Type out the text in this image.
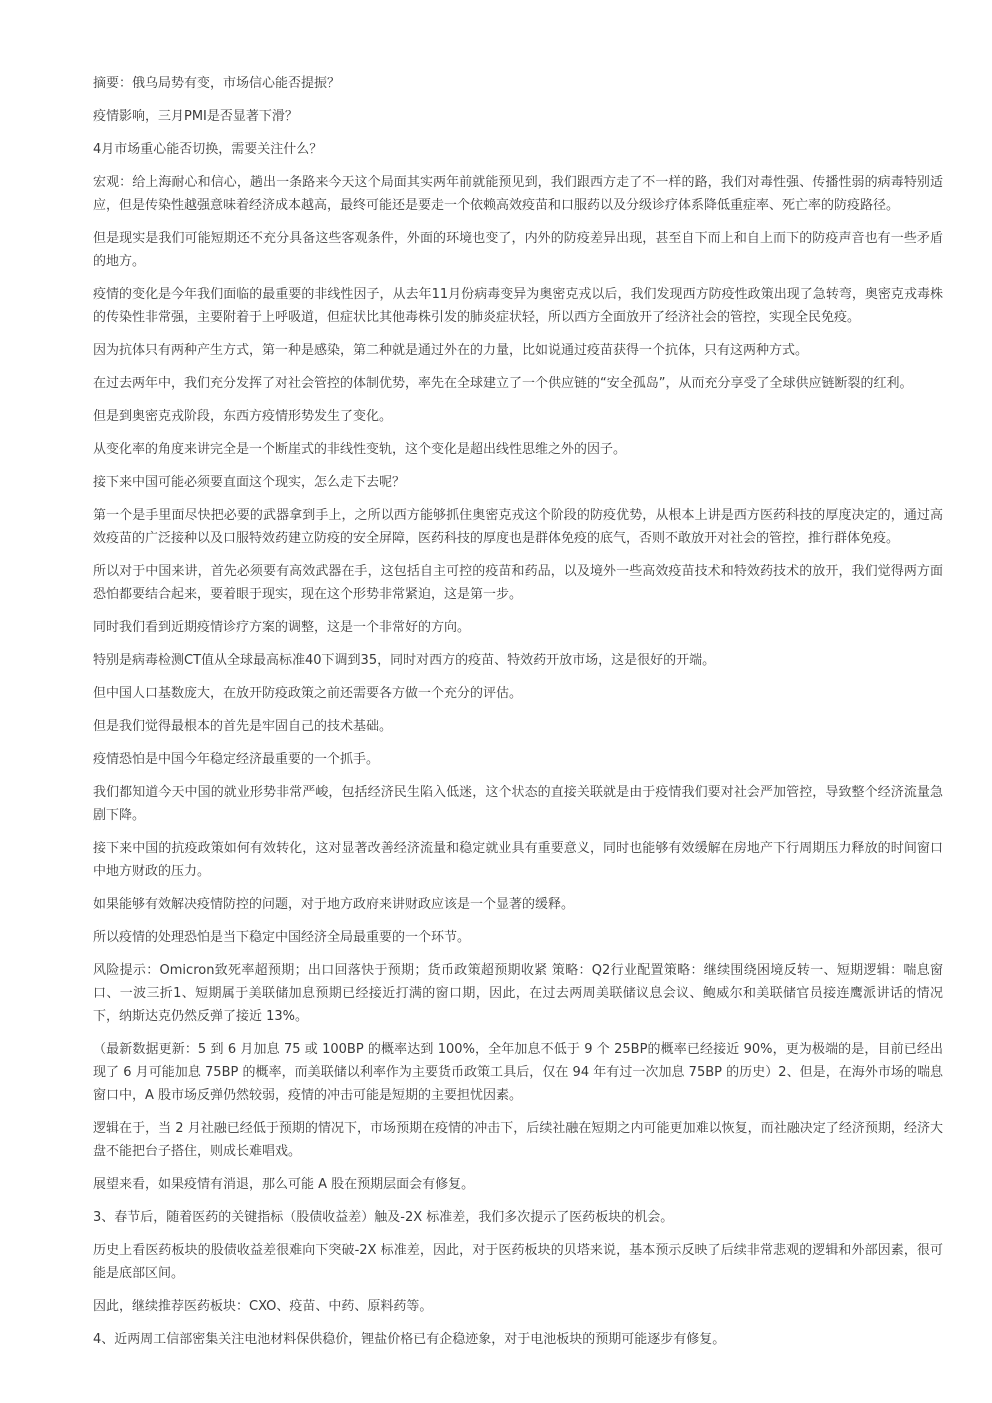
摘要：俄乌局势有变，市场信心能否提振？

疫情影响，三月PMI是否显著下滑？

4月市场重心能否切换，需要关注什么？

宏观：给上海耐心和信心，趟出一条路来今天这个局面其实两年前就能预见到，我们跟西方走了不一样的路，我们对毒性强、传播性弱的病毒特别适应，但是传染性越强意味着经济成本越高，最终可能还是要走一个依赖高效疫苗和口服药以及分级诊疗体系降低重症率、死亡率的防疫路径。

但是现实是我们可能短期还不充分具备这些客观条件，外面的环境也变了，内外的防疫差异出现，甚至自下而上和自上而下的防疫声音也有一些矛盾的地方。

疫情的变化是今年我们面临的最重要的非线性因子，从去年11月份病毒变异为奥密克戎以后，我们发现西方防疫性政策出现了急转弯，奥密克戎毒株的传染性非常强，主要附着于上呼吸道，但症状比其他毒株引发的肺炎症状轻，所以西方全面放开了经济社会的管控，实现全民免疫。

因为抗体只有两种产生方式，第一种是感染，第二种就是通过外在的力量，比如说通过疫苗获得一个抗体，只有这两种方式。

在过去两年中，我们充分发挥了对社会管控的体制优势，率先在全球建立了一个供应链的“安全孤岛”，从而充分享受了全球供应链断裂的红利。

但是到奥密克戎阶段，东西方疫情形势发生了变化。

从变化率的角度来讲完全是一个断崖式的非线性变轨，这个变化是超出线性思维之外的因子。

接下来中国可能必须要直面这个现实，怎么走下去呢？

第一个是手里面尽快把必要的武器拿到手上，之所以西方能够抓住奥密克戎这个阶段的防疫优势，从根本上讲是西方医药科技的厚度决定的，通过高效疫苗的广泛接种以及口服特效药建立防疫的安全屏障，医药科技的厚度也是群体免疫的底气，否则不敢放开对社会的管控，推行群体免疫。

所以对于中国来讲，首先必须要有高效武器在手，这包括自主可控的疫苗和药品，以及境外一些高效疫苗技术和特效药技术的放开，我们觉得两方面恐怕都要结合起来，要着眼于现实，现在这个形势非常紧迫，这是第一步。

同时我们看到近期疫情诊疗方案的调整，这是一个非常好的方向。

特别是病毒检测CT值从全球最高标准40下调到35，同时对西方的疫苗、特效药开放市场，这是很好的开端。

但中国人口基数庞大，在放开防疫政策之前还需要各方做一个充分的评估。

但是我们觉得最根本的首先是牢固自己的技术基础。

疫情恐怕是中国今年稳定经济最重要的一个抓手。

我们都知道今天中国的就业形势非常严峻，包括经济民生陷入低迷，这个状态的直接关联就是由于疫情我们要对社会严加管控，导致整个经济流量急剧下降。

接下来中国的抗疫政策如何有效转化，这对显著改善经济流量和稳定就业具有重要意义，同时也能够有效缓解在房地产下行周期压力释放的时间窗口中地方财政的压力。

如果能够有效解决疫情防控的问题，对于地方政府来讲财政应该是一个显著的缓释。

所以疫情的处理恐怕是当下稳定中国经济全局最重要的一个环节。

风险提示：Omicron致死率超预期；出口回落快于预期；货币政策超预期收紧 策略：Q2行业配置策略：继续围绕困境反转一、短期逻辑：喘息窗口、一波三折1、短期属于美联储加息预期已经接近打满的窗口期，因此，在过去两周美联储议息会议、鲍威尔和美联储官员接连鹰派讲话的情况下，纳斯达克仍然反弹了接近 13%。

（最新数据更新：5 到 6 月加息 75 或 100BP 的概率达到 100%，全年加息不低于 9 个 25BP的概率已经接近 90%，更为极端的是，目前已经出现了 6 月可能加息 75BP 的概率，而美联储以利率作为主要货币政策工具后，仅在 94 年有过一次加息 75BP 的历史）2、但是，在海外市场的喘息窗口中，A 股市场反弹仍然较弱，疫情的冲击可能是短期的主要担忧因素。

逻辑在于，当 2 月社融已经低于预期的情况下，市场预期在疫情的冲击下，后续社融在短期之内可能更加难以恢复，而社融决定了经济预期，经济大盘不能把台子搭住，则成长难唱戏。

展望来看，如果疫情有消退，那么可能 A 股在预期层面会有修复。

3、春节后，随着医药的关键指标（股债收益差）触及-2X 标准差，我们多次提示了医药板块的机会。

历史上看医药板块的股债收益差很难向下突破-2X 标准差，因此，对于医药板块的贝塔来说，基本预示反映了后续非常悲观的逻辑和外部因素，很可能是底部区间。

因此，继续推荐医药板块：CXO、疫苗、中药、原料药等。

4、近两周工信部密集关注电池材料保供稳价，锂盐价格已有企稳迹象，对于电池板块的预期可能逐步有修复。
